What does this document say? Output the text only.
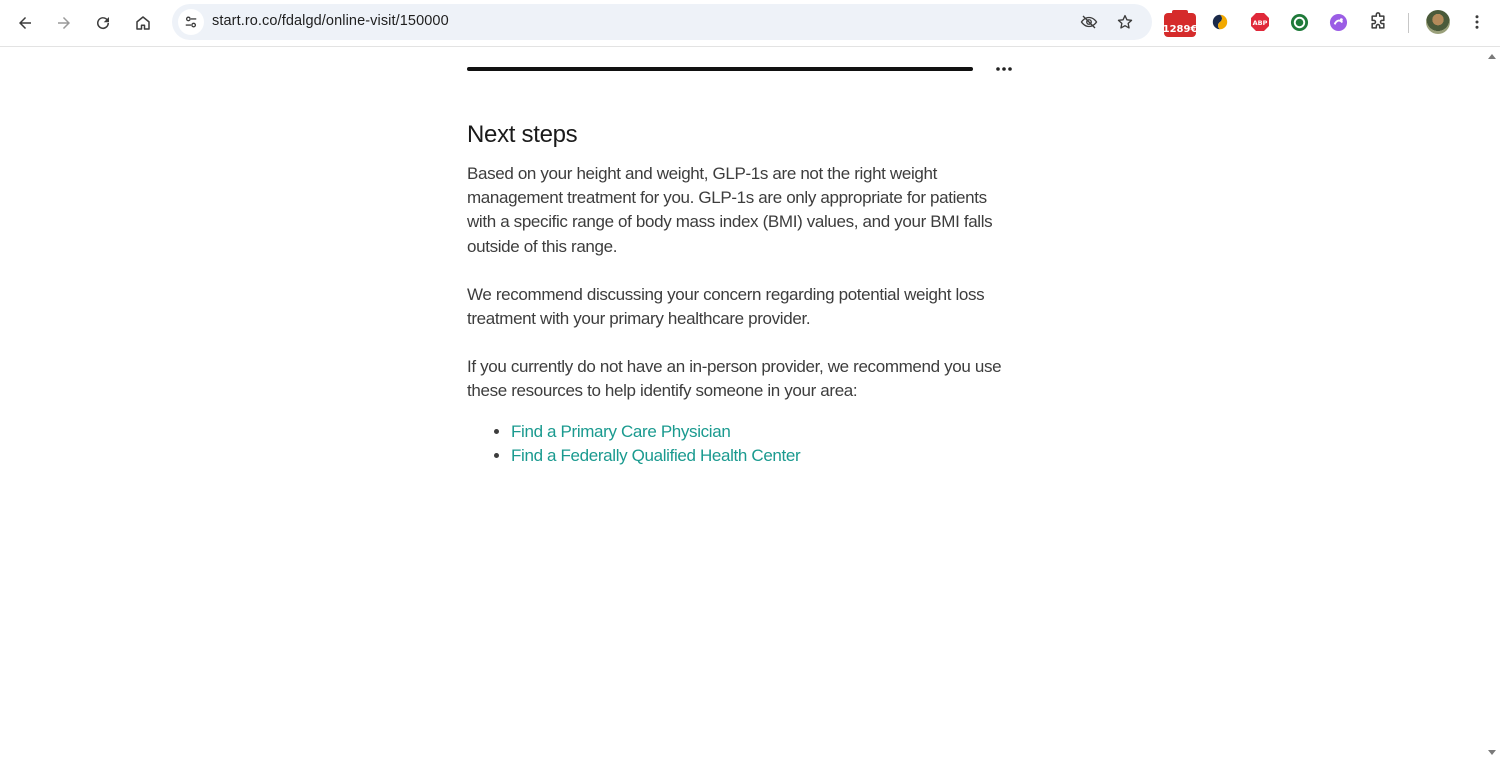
start.ro.co/fdalgd/online-visit/150000
1289€
ABP
Next steps

Based on your height and weight, GLP-1s are not the right weight management treatment for you. GLP-1s are only appropriate for patients with a specific range of body mass index (BMI) values, and your BMI falls outside of this range.

We recommend discussing your concern regarding potential weight loss treatment with your primary healthcare provider.

If you currently do not have an in-person provider, we recommend you use these resources to help identify someone in your area:

• Find a Primary Care Physician
• Find a Federally Qualified Health Center
